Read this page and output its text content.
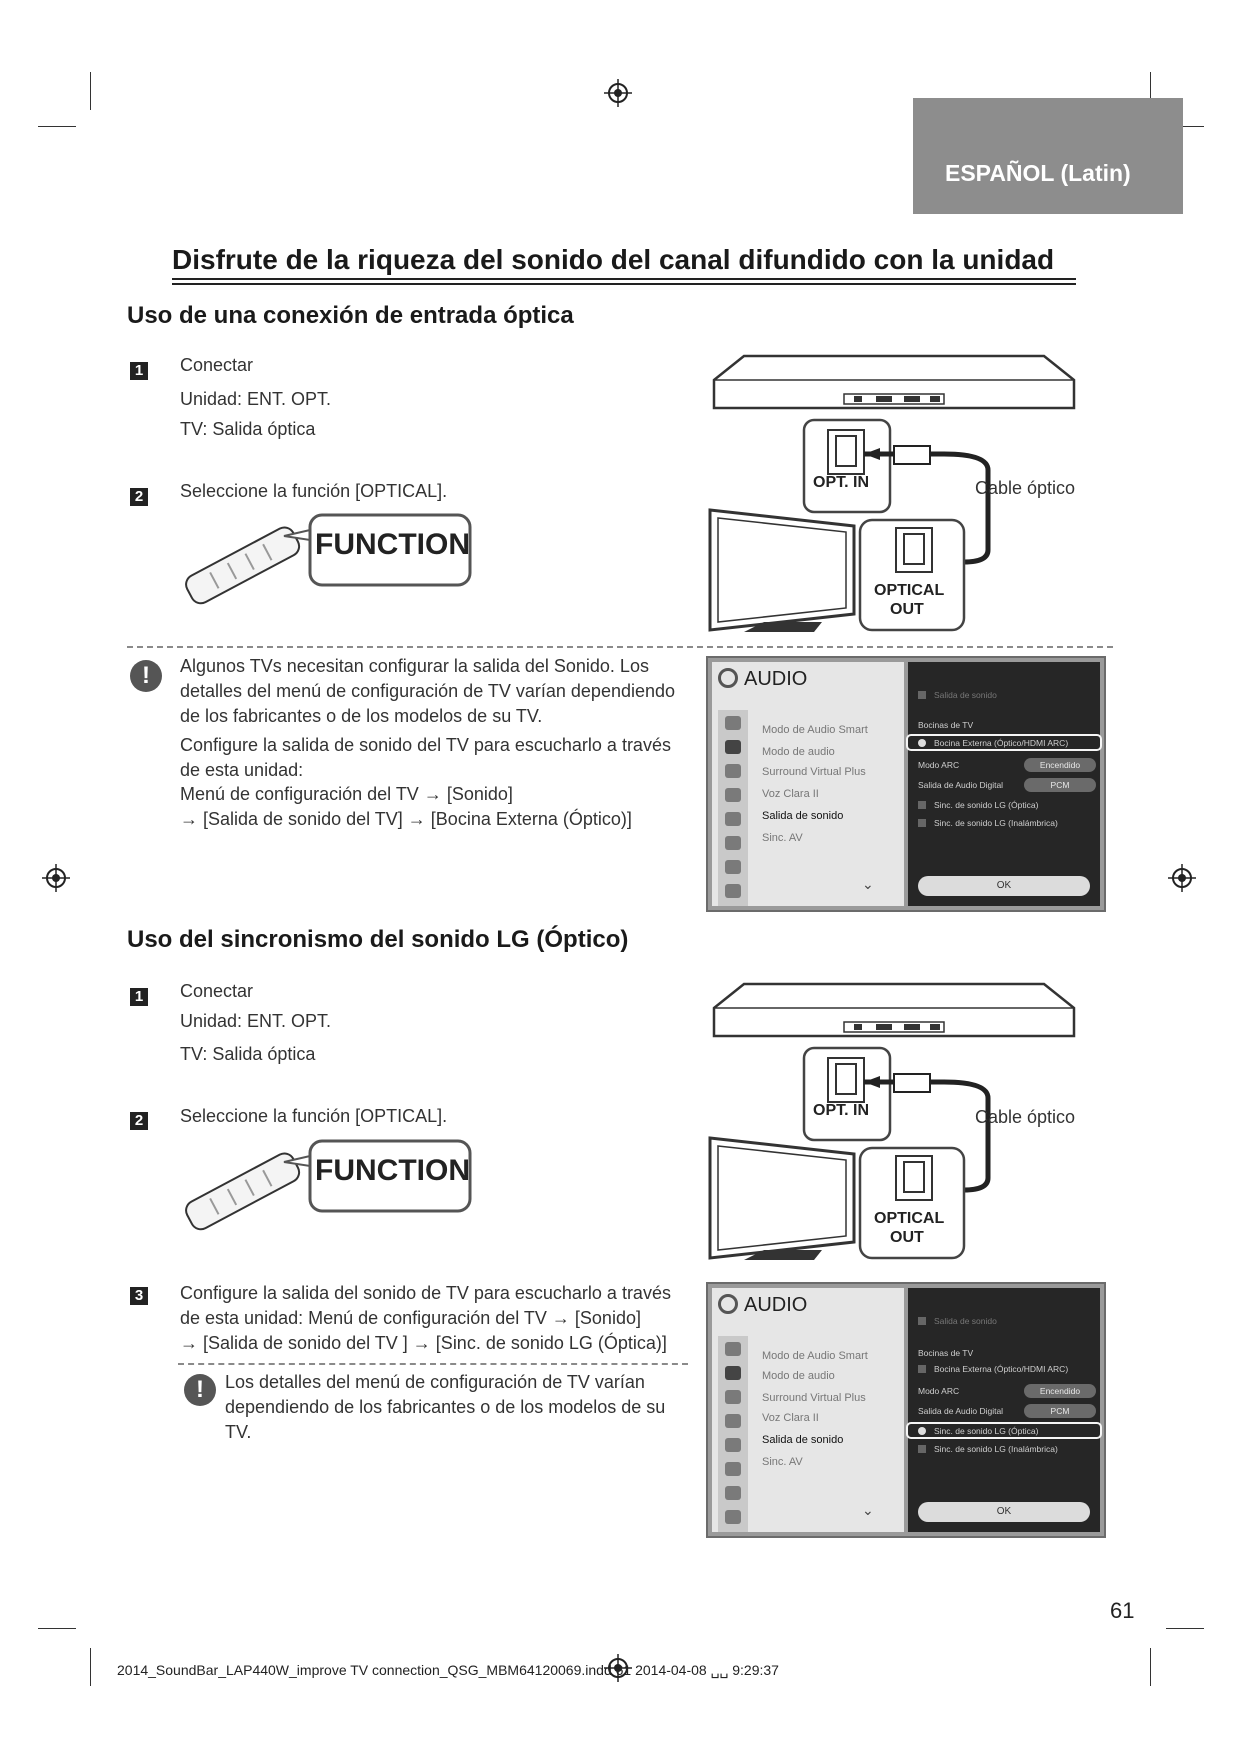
ESPAÑOL (Latin)
Disfrute de la riqueza del sonido del canal difundido con la unidad
Uso de una conexión de entrada óptica
1 Conectar
Unidad: ENT. OPT.
TV: Salida óptica
2 Seleccione la función [OPTICAL].
FUNCTION
OPT. IN	Cable óptico
OPTICAL
OUT
!	Algunos TVs necesitan configurar la salida del Sonido. Los
detalles del menú de configuración de TV varían dependiendo
de los fabricantes o de los modelos de su TV.
Configure la salida de sonido del TV para escucharlo a través
de esta unidad:
Menú de configuración del TV → [Sonido]
→ [Salida de sonido del TV] → [Bocina Externa (Óptico)]
AUDIO
Modo de Audio Smart
Modo de audio
Surround Virtual Plus
Voz Clara II
Salida de sonido
Sinc. AV
⌄
Salida de sonido
Bocinas de TV
Bocina Externa (Óptico/HDMI ARC)
Modo ARC	Encendido
Salida de Audio Digital	PCM
Sinc. de sonido LG (Óptica)
Sinc. de sonido LG (Inalámbrica)
OK
Uso del sincronismo del sonido LG (Óptico)
1 Conectar
Unidad: ENT. OPT.
TV: Salida óptica
2 Seleccione la función [OPTICAL].
FUNCTION
OPT. IN	Cable óptico
OPTICAL
OUT
3 Configure la salida del sonido de TV para escucharlo a través
de esta unidad: Menú de configuración del TV → [Sonido]
→ [Salida de sonido del TV ] → [Sinc. de sonido LG (Óptica)]
!	Los detalles del menú de configuración de TV varían
dependiendo de los fabricantes o de los modelos de su
TV.
AUDIO
Modo de Audio Smart
Modo de audio
Surround Virtual Plus
Voz Clara II
Salida de sonido
Sinc. AV
⌄
Salida de sonido
Bocinas de TV
Bocina Externa (Óptico/HDMI ARC)
Modo ARC	Encendido
Salida de Audio Digital	PCM
Sinc. de sonido LG (Óptica)
Sinc. de sonido LG (Inalámbrica)
OK
61
2014_SoundBar_LAP440W_improve TV connection_QSG_MBM64120069.indd 61 2014-04-08 ␣␣ 9:29:37
